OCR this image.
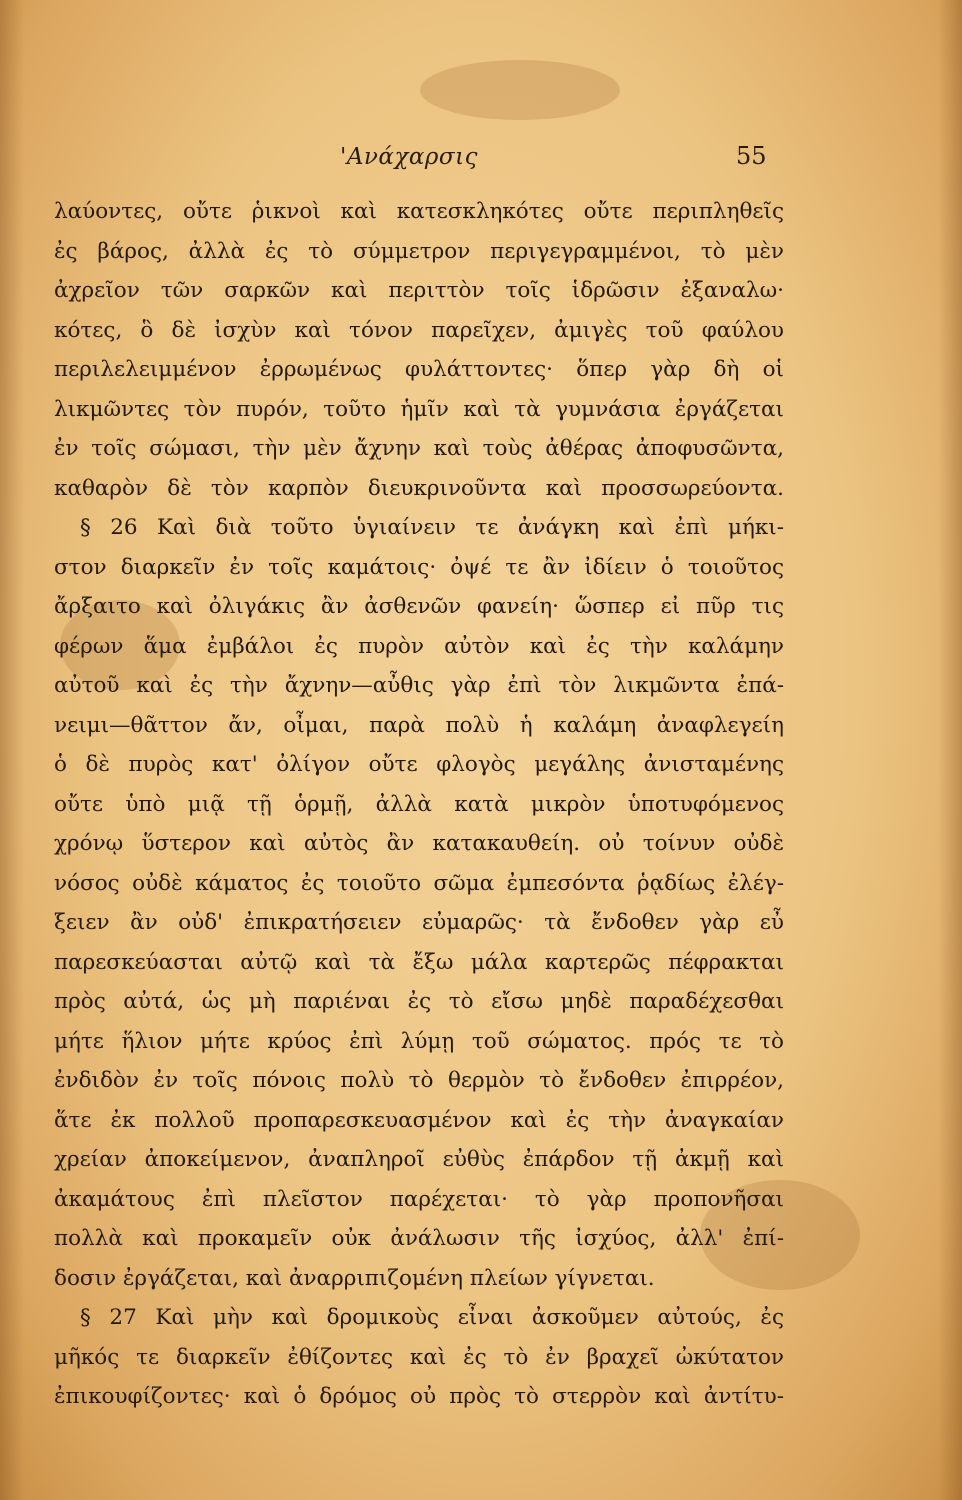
'Ανάχαρσις	55
λαύοντες, οὔτε ῥικνοὶ καὶ κατεσκληκότες οὔτε περιπληθεῖς
ἐς βάρος, ἀλλὰ ἐς τὸ σύμμετρον περιγεγραμμένοι, τὸ μὲν
ἀχρεῖον τῶν σαρκῶν καὶ περιττὸν τοῖς ἱδρῶσιν ἐξαναλω·
κότες, ὃ δὲ ἰσχὺν καὶ τόνον παρεῖχεν, ἀμιγὲς τοῦ φαύλου
περιλελειμμένον ἐρρωμένως φυλάττοντες· ὅπερ γὰρ δὴ οἱ
λικμῶντες τὸν πυρόν, τοῦτο ἡμῖν καὶ τὰ γυμνάσια ἐργάζεται
ἐν τοῖς σώμασι, τὴν μὲν ἄχνην καὶ τοὺς ἀθέρας ἀποφυσῶντα,
καθαρὸν δὲ τὸν καρπὸν διευκρινοῦντα καὶ προσσωρεύοντα.
§ 26 Καὶ διὰ τοῦτο ὑγιαίνειν τε ἀνάγκη καὶ ἐπὶ μήκι-
στον διαρκεῖν ἐν τοῖς καμάτοις· ὀψέ τε ἂν ἰδίειν ὁ τοιοῦτος
ἄρξαιτο καὶ ὀλιγάκις ἂν ἀσθενῶν φανείη· ὥσπερ εἰ πῦρ τις
φέρων ἅμα ἐμβάλοι ἐς πυρὸν αὐτὸν καὶ ἐς τὴν καλάμην
αὐτοῦ καὶ ἐς τὴν ἄχνην—αὖθις γὰρ ἐπὶ τὸν λικμῶντα ἐπά-
νειμι—θᾶττον ἄν, οἶμαι, παρὰ πολὺ ἡ καλάμη ἀναφλεγείη
ὁ δὲ πυρὸς κατ' ὀλίγον οὔτε φλογὸς μεγάλης ἀνισταμένης
οὔτε ὑπὸ μιᾷ τῇ ὁρμῇ, ἀλλὰ κατὰ μικρὸν ὑποτυφόμενος
χρόνῳ ὕστερον καὶ αὐτὸς ἂν κατακαυθείη. οὐ τοίνυν οὐδὲ
νόσος οὐδὲ κάματος ἐς τοιοῦτο σῶμα ἐμπεσόντα ῥᾳδίως ἐλέγ-
ξειεν ἂν οὐδ' ἐπικρατήσειεν εὐμαρῶς· τὰ ἔνδοθεν γὰρ εὖ
παρεσκεύασται αὐτῷ καὶ τὰ ἔξω μάλα καρτερῶς πέφρακται
πρὸς αὐτά, ὡς μὴ παριέναι ἐς τὸ εἴσω μηδὲ παραδέχεσθαι
μήτε ἥλιον μήτε κρύος ἐπὶ λύμῃ τοῦ σώματος. πρός τε τὸ
ἐνδιδὸν ἐν τοῖς πόνοις πολὺ τὸ θερμὸν τὸ ἔνδοθεν ἐπιρρέον,
ἅτε ἐκ πολλοῦ προπαρεσκευασμένον καὶ ἐς τὴν ἀναγκαίαν
χρείαν ἀποκείμενον, ἀναπληροῖ εὐθὺς ἐπάρδον τῇ ἀκμῇ καὶ
ἀκαμάτους ἐπὶ πλεῖστον παρέχεται· τὸ γὰρ προπονῆσαι
πολλὰ καὶ προκαμεῖν οὐκ ἀνάλωσιν τῆς ἰσχύος, ἀλλ' ἐπί-
δοσιν ἐργάζεται, καὶ ἀναρριπιζομένη πλείων γίγνεται.
§ 27 Καὶ μὴν καὶ δρομικοὺς εἶναι ἀσκοῦμεν αὐτούς, ἐς
μῆκός τε διαρκεῖν ἐθίζοντες καὶ ἐς τὸ ἐν βραχεῖ ὠκύτατον
ἐπικουφίζοντες· καὶ ὁ δρόμος οὐ πρὸς τὸ στερρὸν καὶ ἀντίτυ-
